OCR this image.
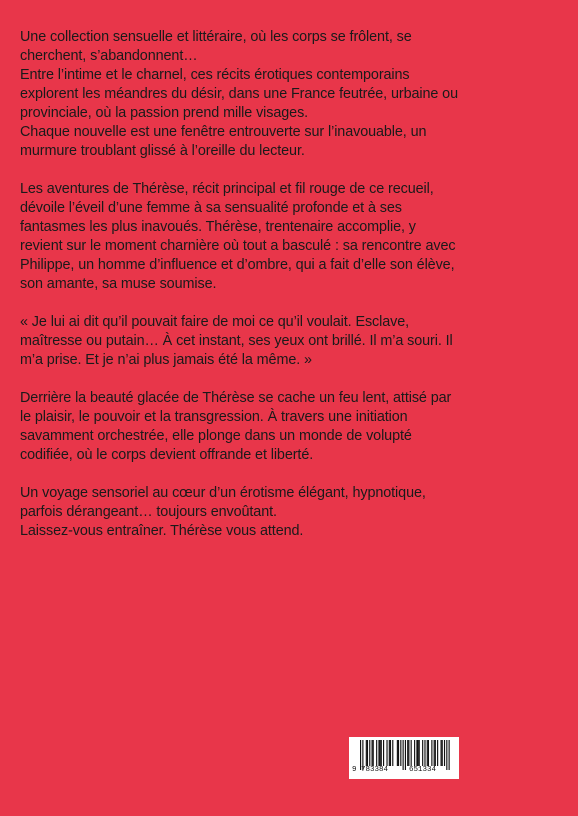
Une collection sensuelle et littéraire, où les corps se frôlent, se
cherchent, s’abandonnent…
Entre l’intime et le charnel, ces récits érotiques contemporains
explorent les méandres du désir, dans une France feutrée, urbaine ou
provinciale, où la passion prend mille visages.
Chaque nouvelle est une fenêtre entrouverte sur l’inavouable, un
murmure troublant glissé à l’oreille du lecteur.

Les aventures de Thérèse, récit principal et fil rouge de ce recueil,
dévoile l’éveil d’une femme à sa sensualité profonde et à ses
fantasmes les plus inavoués. Thérèse, trentenaire accomplie, y
revient sur le moment charnière où tout a basculé : sa rencontre avec
Philippe, un homme d’influence et d’ombre, qui a fait d’elle son élève,
son amante, sa muse soumise.

« Je lui ai dit qu’il pouvait faire de moi ce qu’il voulait. Esclave,
maîtresse ou putain… À cet instant, ses yeux ont brillé. Il m’a souri. Il
m’a prise. Et je n’ai plus jamais été la même. »

Derrière la beauté glacée de Thérèse se cache un feu lent, attisé par
le plaisir, le pouvoir et la transgression. À travers une initiation
savamment orchestrée, elle plonge dans un monde de volupté
codifiée, où le corps devient offrande et liberté.

Un voyage sensoriel au cœur d’un érotisme élégant, hypnotique,
parfois dérangeant… toujours envoûtant.
Laissez-vous entraîner. Thérèse vous attend.

9 783384	651334
